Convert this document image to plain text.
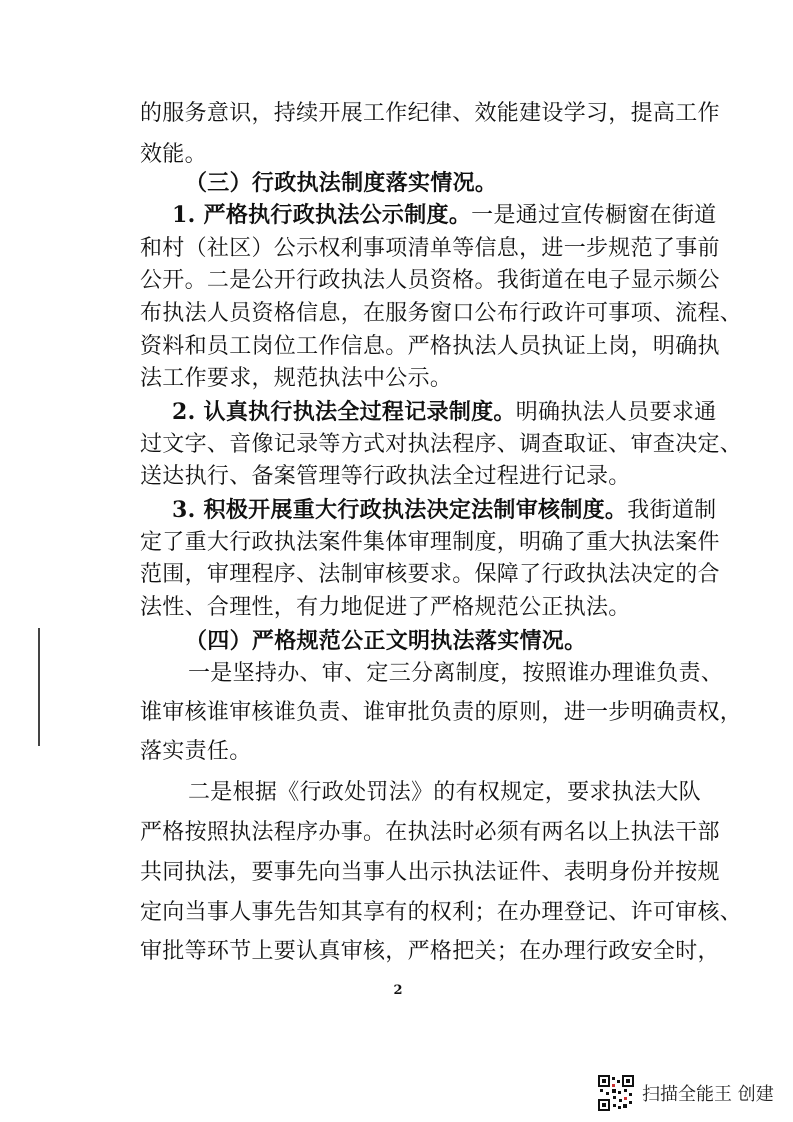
的服务意识，持续开展工作纪律、效能建设学习，提高工作
效能。
（三）行政执法制度落实情况。
1. 严格执行政执法公示制度。一是通过宣传橱窗在街道
和村（社区）公示权利事项清单等信息，进一步规范了事前
公开。二是公开行政执法人员资格。我街道在电子显示频公
布执法人员资格信息，在服务窗口公布行政许可事项、流程、
资料和员工岗位工作信息。严格执法人员执证上岗，明确执
法工作要求，规范执法中公示。
2. 认真执行执法全过程记录制度。明确执法人员要求通
过文字、音像记录等方式对执法程序、调查取证、审查决定、
送达执行、备案管理等行政执法全过程进行记录。
3. 积极开展重大行政执法决定法制审核制度。我街道制
定了重大行政执法案件集体审理制度，明确了重大执法案件
范围，审理程序、法制审核要求。保障了行政执法决定的合
法性、合理性，有力地促进了严格规范公正执法。
（四）严格规范公正文明执法落实情况。
一是坚持办、审、定三分离制度，按照谁办理谁负责、
谁审核谁审核谁负责、谁审批负责的原则，进一步明确责权，
落实责任。
二是根据《行政处罚法》的有权规定，要求执法大队
严格按照执法程序办事。在执法时必须有两名以上执法干部
共同执法，要事先向当事人出示执法证件、表明身份并按规
定向当事人事先告知其享有的权利；在办理登记、许可审核、
审批等环节上要认真审核，严格把关；在办理行政安全时，
2
扫描全能王 创建
